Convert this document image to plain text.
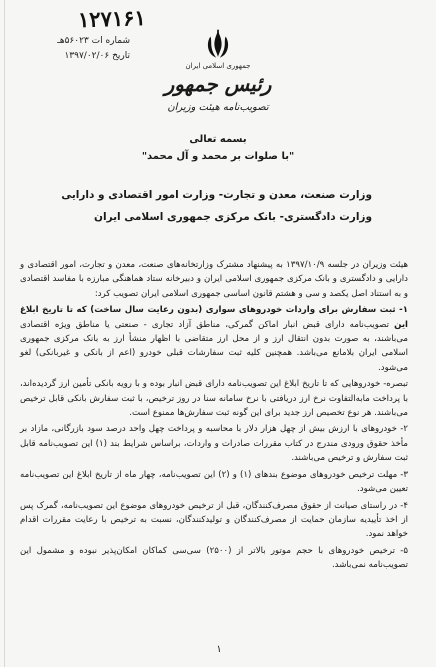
۱۲۷۱۶۱
شماره ات ۵۶۰۲۳هـ
تاریخ ۱۳۹۷/۰۲/۰۶
جمهوری اسلامی ایران
رئیس جمهور
تصویب‌نامه هیئت وزیران
بسمه تعالی
"با صلوات بر محمد و آل محمد"
وزارت صنعت، معدن و تجارت- وزارت امور اقتصادی و دارایی
وزارت دادگستری- بانک مرکزی جمهوری اسلامی ایران

هیئت وزیران در جلسه ۱۳۹۷/۱۰/۹ به پیشنهاد مشترک وزارتخانه‌های صنعت، معدن و تجارت، امور اقتصادی و دارایی و دادگستری و بانک مرکزی جمهوری اسلامی ایران و دبیرخانه ستاد هماهنگی مبارزه با مفاسد اقتصادی و به استناد اصل یکصد و سی و هشتم قانون اساسی جمهوری اسلامی ایران تصویب کرد:

۱- ثبت سفارش برای واردات خودروهای سواری (بدون رعایت سال ساخت) که تا تاریخ ابلاغ این تصویب‌نامه دارای قبض انبار اماکن گمرکی، مناطق آزاد تجاری - صنعتی یا مناطق ویژه اقتصادی می‌باشند، به صورت بدون انتقال ارز و از محل ارز متقاضی با اظهار منشأ ارز به بانک مرکزی جمهوری اسلامی ایران بلامانع می‌باشد. همچنین کلیه ثبت سفارشات قبلی خودرو (اعم از بانکی و غیربانکی) لغو می‌شود.

تبصره- خودروهایی که تا تاریخ ابلاغ این تصویب‌نامه دارای قبض انبار بوده و با رویه بانکی تأمین ارز گردیده‌اند، با پرداخت مابه‌التفاوت نرخ ارز دریافتی با نرخ سامانه سنا در روز ترخیص، با ثبت سفارش بانکی قابل ترخیص می‌باشند. هر نوع تخصیص ارز جدید برای این گونه ثبت سفارش‌ها ممنوع است.

۲- خودروهای با ارزش بیش از چهل هزار دلار با محاسبه و پرداخت چهل واحد درصد سود بازرگانی، مازاد بر مأخذ حقوق ورودی مندرج در کتاب مقررات صادرات و واردات، براساس شرایط بند (۱) این تصویب‌نامه قابل ثبت سفارش و ترخیص می‌باشند.

۳- مهلت ترخیص خودروهای موضوع بندهای (۱) و (۲) این تصویب‌نامه، چهار ماه از تاریخ ابلاغ این تصویب‌نامه تعیین می‌شود.

۴- در راستای صیانت از حقوق مصرف‌کنندگان، قبل از ترخیص خودروهای موضوع این تصویب‌نامه، گمرک پس از اخذ تأییدیه سازمان حمایت از مصرف‌کنندگان و تولیدکنندگان، نسبت به ترخیص با رعایت مقررات اقدام خواهد نمود.

۵- ترخیص خودروهای با حجم موتور بالاتر از (۲۵۰۰) سی‌سی کماکان امکان‌پذیر نبوده و مشمول این تصویب‌نامه نمی‌باشد.

۱
